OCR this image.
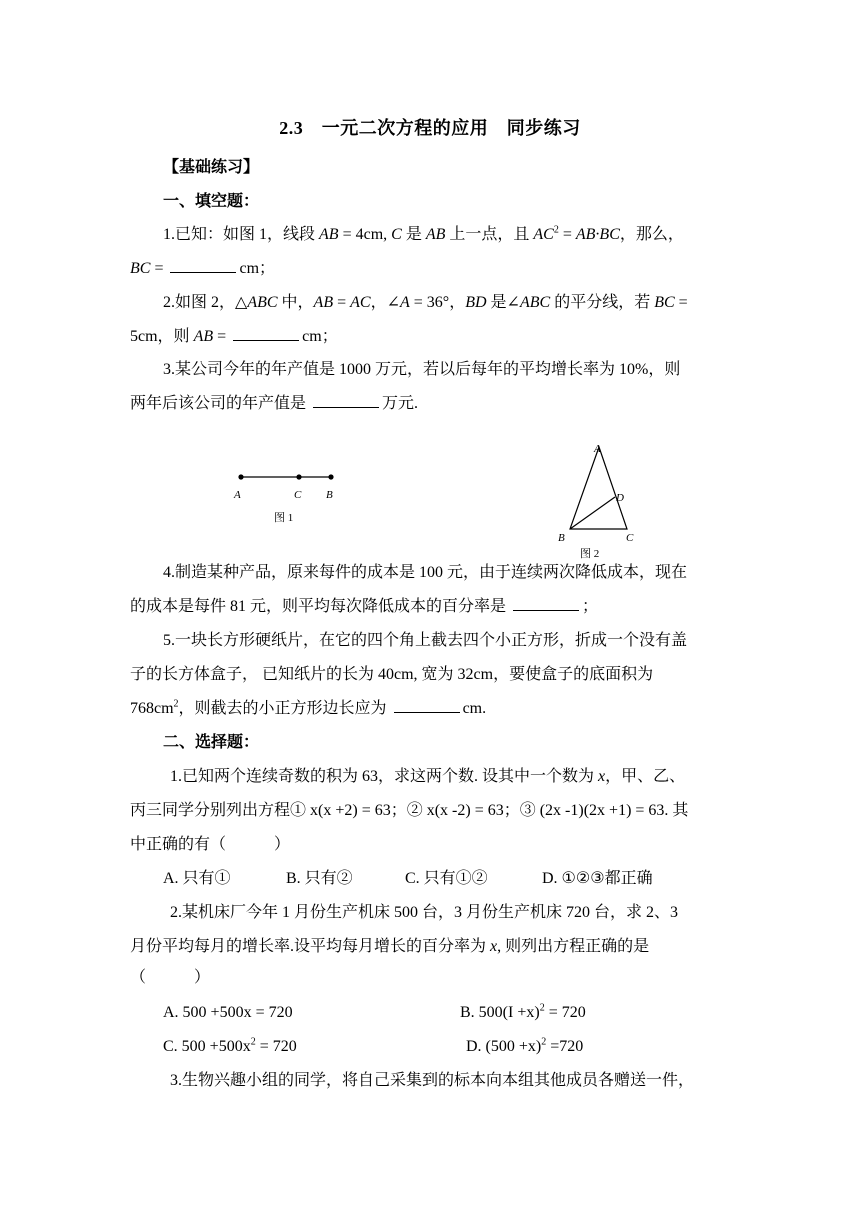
2.3　一元二次方程的应用　同步练习
【基础练习】
一、填空题：
1.已知：如图 1，线段 AB = 4cm, C 是 AB 上一点，且 $AC^2 = AB\cdot BC$，那么，
BC =	cm；
2.如图 2，△ABC 中，AB = AC，∠A = 36°，BD 是∠ABC 的平分线，若 BC =
5cm，则 AB =	cm；
3.某公司今年的年产值是 1000 万元，若以后每年的平均增长率为 10%，则
两年后该公司的年产值是	万元.
A	C B
图 1
A
D
B	C
图 2
4.制造某种产品，原来每件的成本是 100 元，由于连续两次降低成本，现在
的成本是每件 81 元，则平均每次降低成本的百分率是	；
5.一块长方形硬纸片，在它的四个角上截去四个小正方形，折成一个没有盖
子的长方体盒子， 已知纸片的长为 40cm, 宽为 32cm，要使盒子的底面积为
$768cm^2$，则截去的小正方形边长应为	cm.
二、选择题：
1.已知两个连续奇数的积为 63，求这两个数. 设其中一个数为 x，甲、乙、
丙三同学分别列出方程① x(x +2) = 63；② x(x -2) = 63；③ (2x -1)(2x +1) = 63. 其
中正确的有（　　　）
A. 只有①	B. 只有②	C. 只有①②	D. ①②③都正确
2.某机床厂今年 1 月份生产机床 500 台，3 月份生产机床 720 台，求 2、3
月份平均每月的增长率.设平均每月增长的百分率为 x, 则列出方程正确的是
（　　　）
A. 500 +500x = 720	B. $500(I +x)^2 = 720$
C. $500 +500x^2 = 720$	D. $(500 +x)^2 =720$
3.生物兴趣小组的同学，将自己采集到的标本向本组其他成员各赠送一件，
